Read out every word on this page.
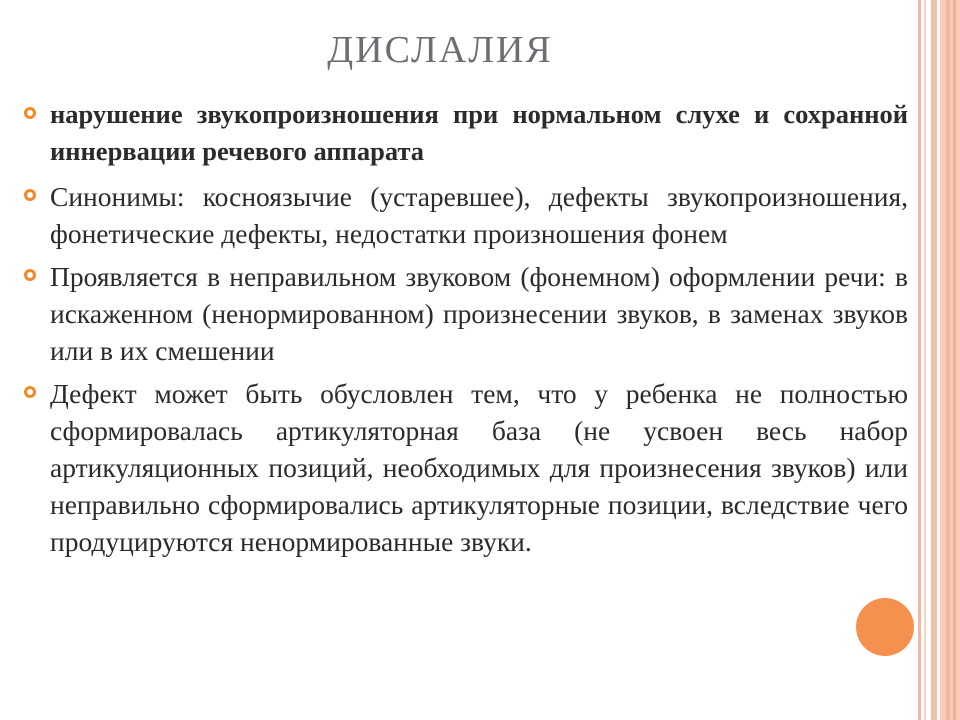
ДИСЛАЛИЯ

нарушение звукопроизношения при нормальном слухе и сохранной иннервации речевого аппарата

Синонимы: косноязычие (устаревшее), дефекты звукопроизношения, фонетические дефекты, недостатки произношения фонем

Проявляется в неправильном звуковом (фонемном) оформлении речи: в искаженном (ненормированном) произнесении звуков, в заменах звуков или в их смешении

Дефект может быть обусловлен тем, что у ребенка не полностью сформировалась артикуляторная база (не усвоен весь набор артикуляционных позиций, необходимых для произнесения звуков) или неправильно сформировались артикуляторные позиции, вследствие чего продуцируются ненормированные звуки.
